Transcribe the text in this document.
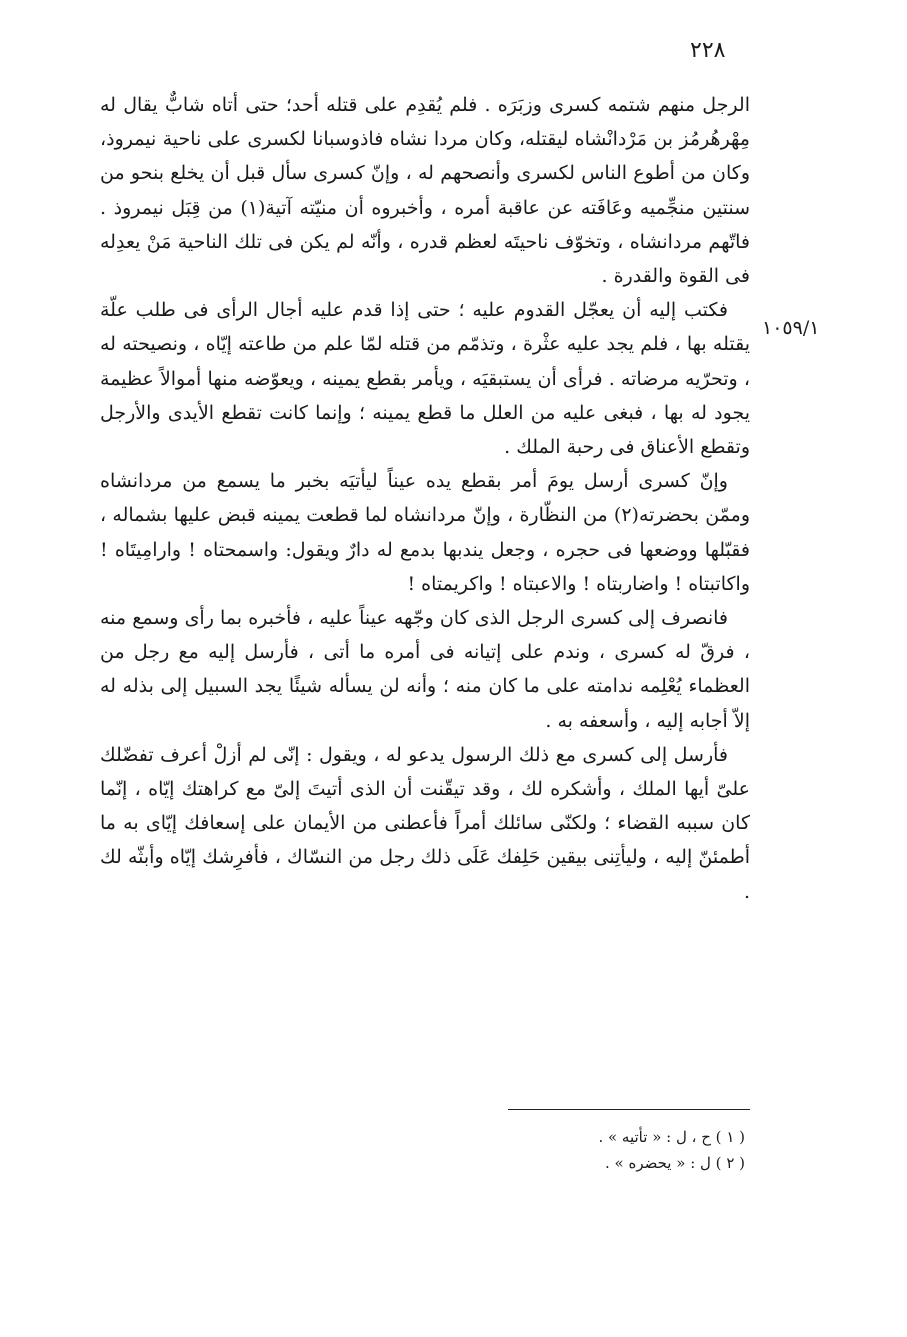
٢٢٨
١٠٥٩/١

الرجل منهم شتمه كسرى وزبَرَه . فلم يُقدِم على قتله أحد؛ حتى أتاه شابٌّ يقال له مِهْرهُرمُز بن مَرْدانْشاه ليقتله، وكان مردا نشاه فاذوسبانا لكسرى على ناحية نيمروذ، وكان من أطوع الناس لكسرى وأنصحهم له ، وإنّ كسرى سأل قبل أن يخلع بنحو من سنتين منجِّميه وعَافَته عن عاقبة أمره ، وأخبروه أن منيّته آتية(١) من قِبَل نيمروذ . فاتّهم مردانشاه ، وتخوّف ناحيتَه لعظم قدره ، وأنّه لم يكن فى تلك الناحية مَنْ يعدِله فى القوة والقدرة .

فكتب إليه أن يعجّل القدوم عليه ؛ حتى إذا قدم عليه أجال الرأى فى طلب علّة يقتله بها ، فلم يجد عليه عثْرة ، وتذمّم من قتله لمّا علم من طاعته إيّاه ، ونصيحته له ، وتحرّيه مرضاته . فرأى أن يستبقيَه ، ويأمر بقطع يمينه ، ويعوّضه منها أموالاً عظيمة يجود له بها ، فبغى عليه من العلل ما قطع يمينه ؛ وإنما كانت تقطع الأيدى والأرجل وتقطع الأعناق فى رحبة الملك .

وإنّ كسرى أرسل يومَ أمر بقطع يده عيناً ليأتيَه بخبر ما يسمع من مردانشاه وممّن بحضرته(٢) من النظّارة ، وإنّ مردانشاه لما قطعت يمينه قبض عليها بشماله ، فقبّلها ووضعها فى حجره ، وجعل يندبها بدمع له دارٌ ويقول: واسمحتاه ! وارامِيتَاه ! واكاتبتاه ! واضاربتاه ! والاعبتاه ! واكريمتاه !

فانصرف إلى كسرى الرجل الذى كان وجّهه عيناً عليه ، فأخبره بما رأى وسمع منه ، فرقّ له كسرى ، وندم على إتيانه فى أمره ما أتى ، فأرسل إليه مع رجل من العظماء يُعْلِمه ندامته على ما كان منه ؛ وأنه لن يسأله شيئًا يجد السبيل إلى بذله له إلاّ أجابه إليه ، وأسعفه به .

فأرسل إلى كسرى مع ذلك الرسول يدعو له ، ويقول : إنّى لم أزلْ أعرف تفضّلك علىّ أيها الملك ، وأشكره لك ، وقد تيقّنت أن الذى أتيتَ إلىّ مع كراهتك إيّاه ، إنّما كان سببه القضاء ؛ ولكنّى سائلك أمراً فأعطنى من الأيمان على إسعافك إيّاى به ما أطمئنّ إليه ، وليأتِنى بيقين حَلِفك عَلَى ذلك رجل من النسّاك ، فأفرِشك إيّاه وأبثّه لك .

( ١ ) ح ، ل : « تأتيه » .
( ٢ ) ل : « يحضره » .
